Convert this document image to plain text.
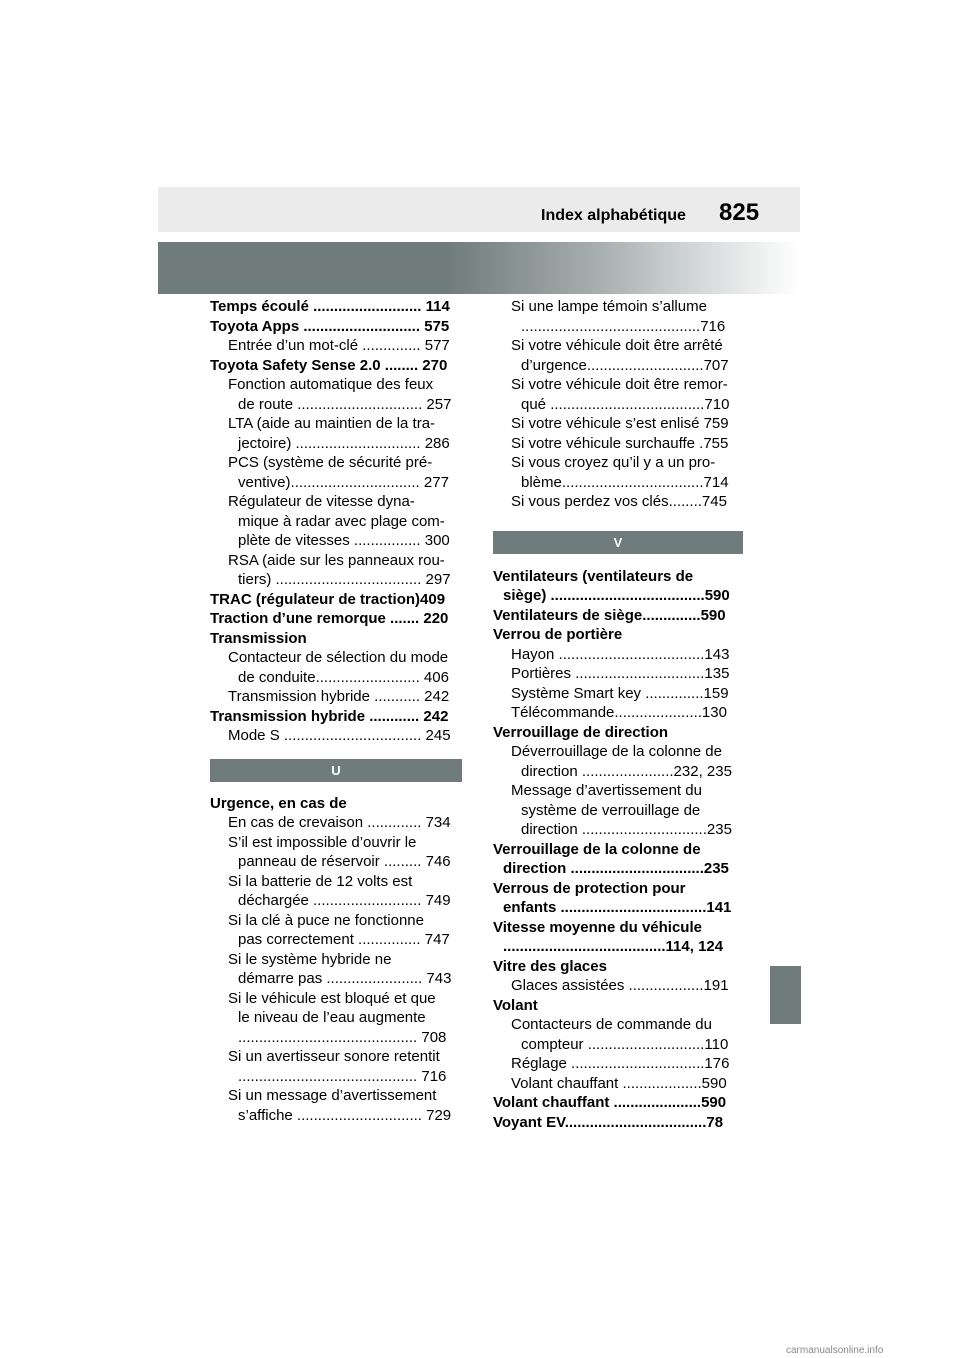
Index alphabétique 825

Temps écoulé .......................... 114

Toyota Apps ............................ 575

Entrée d’un mot-clé .............. 577

Toyota Safety Sense 2.0 ........ 270

Fonction automatique des feux

de route .............................. 257

LTA (aide au maintien de la tra-

jectoire) .............................. 286

PCS (système de sécurité pré-

ventive)............................... 277

Régulateur de vitesse dyna-

mique à radar avec plage com-

plète de vitesses ................ 300

RSA (aide sur les panneaux rou-

tiers) ................................... 297

TRAC (régulateur de traction)409

Traction d’une remorque ....... 220

Transmission

Contacteur de sélection du mode

de conduite......................... 406

Transmission hybride ........... 242

Transmission hybride ............ 242

Mode S ................................. 245

U

Urgence, en cas de

En cas de crevaison ............. 734

S’il est impossible d’ouvrir le

panneau de réservoir ......... 746

Si la batterie de 12 volts est

déchargée .......................... 749

Si la clé à puce ne fonctionne

pas correctement ............... 747

Si le système hybride ne

démarre pas ....................... 743

Si le véhicule est bloqué et que

le niveau de l’eau augmente

........................................... 708

Si un avertisseur sonore retentit

........................................... 716

Si un message d’avertissement

s’affiche .............................. 729

Si une lampe témoin s’allume

...........................................716

Si votre véhicule doit être arrêté

d’urgence............................707

Si votre véhicule doit être remor-

qué .....................................710

Si votre véhicule s’est enlisé 759

Si votre véhicule surchauffe .755

Si vous croyez qu’il y a un pro-

blème..................................714

Si vous perdez vos clés........745

V

Ventilateurs (ventilateurs de

siège) .....................................590

Ventilateurs de siège..............590

Verrou de portière

Hayon ...................................143

Portières ...............................135

Système Smart key ..............159

Télécommande.....................130

Verrouillage de direction

Déverrouillage de la colonne de

direction ......................232, 235

Message d’avertissement du

système de verrouillage de

direction ..............................235

Verrouillage de la colonne de

direction ................................235

Verrous de protection pour

enfants ...................................141

Vitesse moyenne du véhicule

.......................................114, 124

Vitre des glaces

Glaces assistées ..................191

Volant

Contacteurs de commande du

compteur ............................110

Réglage ................................176

Volant chauffant ...................590

Volant chauffant .....................590

Voyant EV..................................78

carmanualsonline.info
